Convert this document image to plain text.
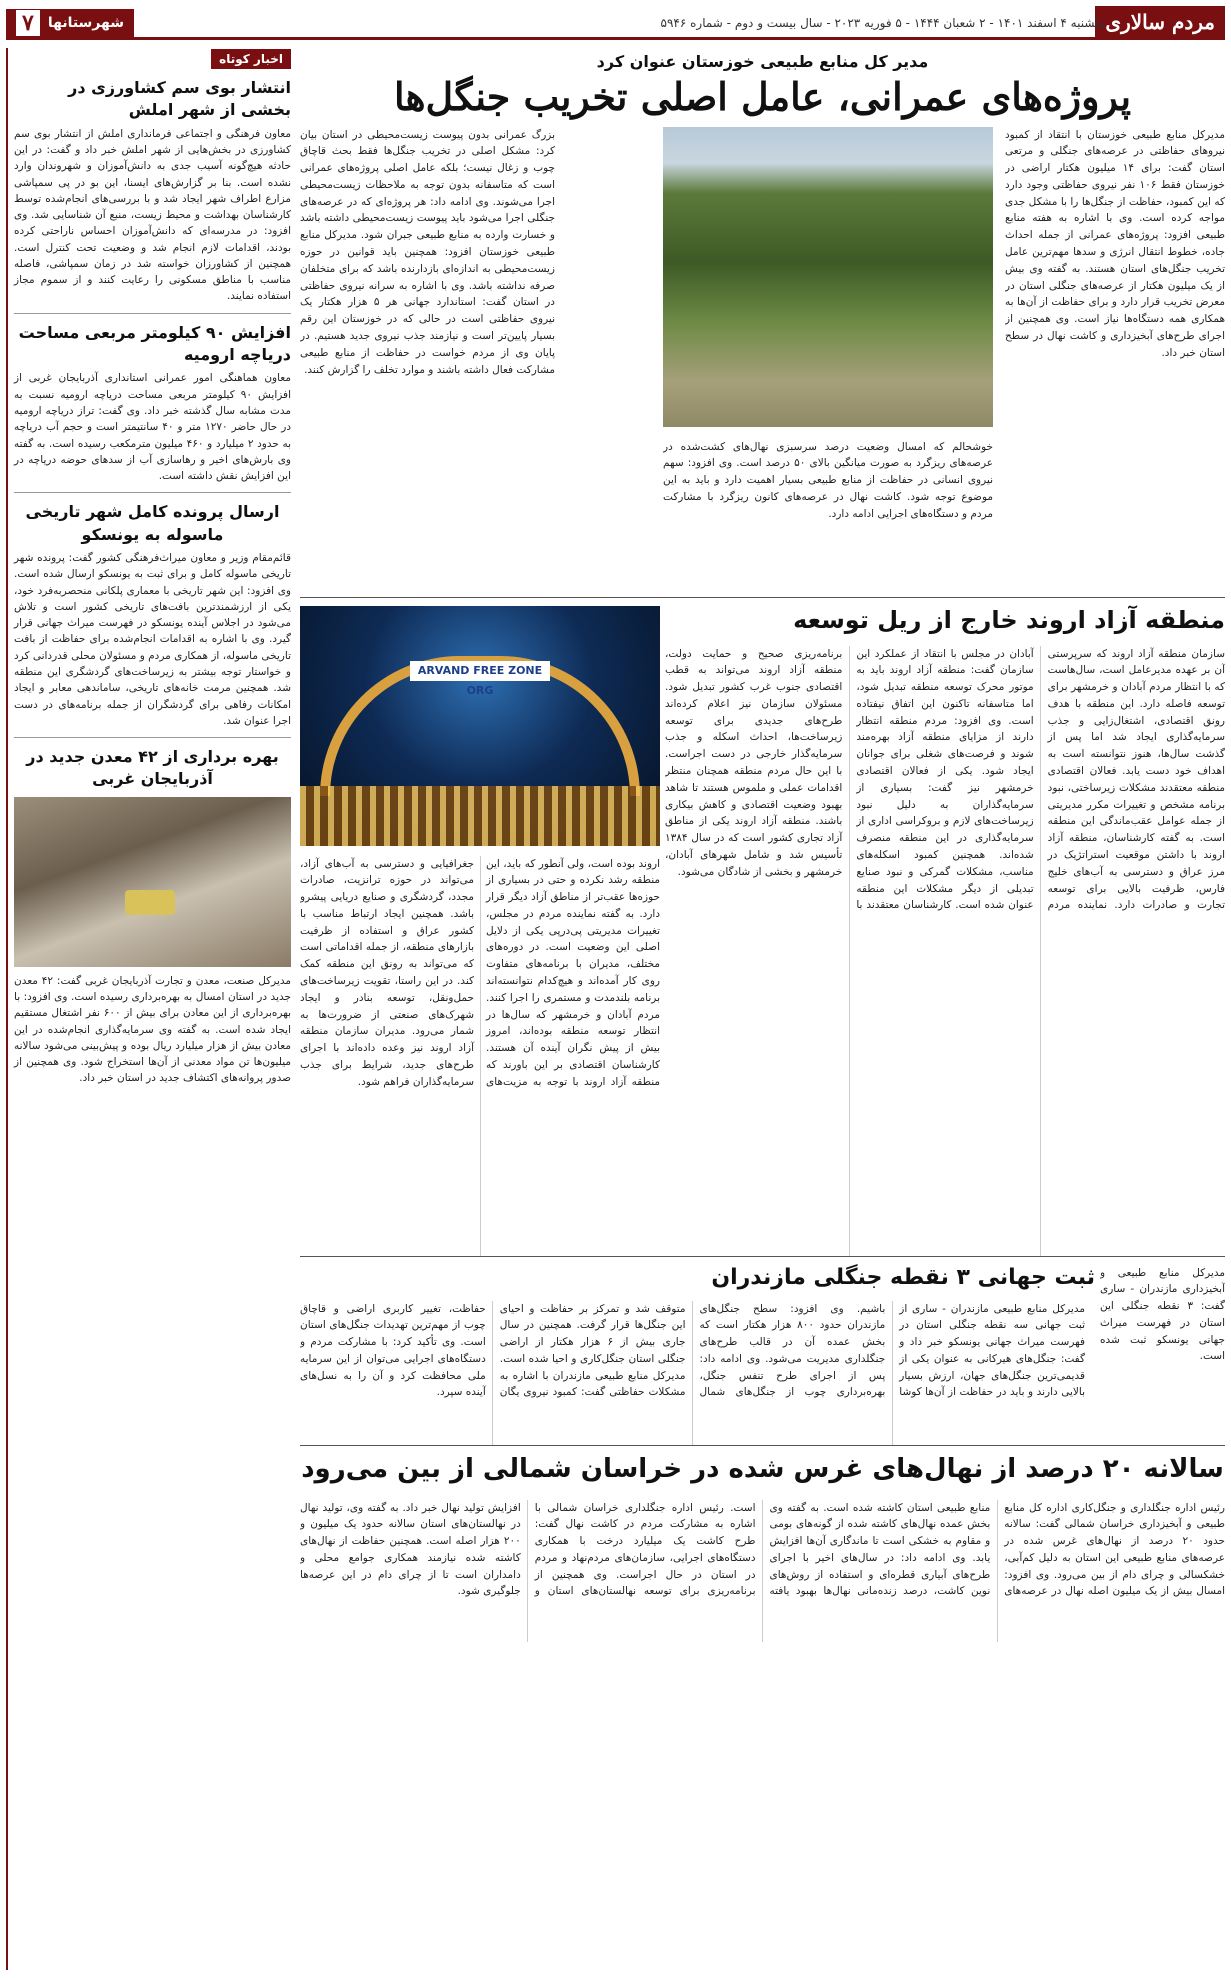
مردم سالاری
یکشنبه ۴ اسفند ۱۴۰۱ - ۲ شعبان ۱۴۴۴ - ۵ فوریه ۲۰۲۳ - سال بیست و دوم - شماره ۵۹۴۶
شهرستانها
۷
اخبار کوتاه
انتشار بوی سم کشاورزی در بخشی از شهر املش

معاون فرهنگی و اجتماعی فرمانداری املش از انتشار بوی سم کشاورزی در بخش‌هایی از شهر املش خبر داد و گفت: در این حادثه هیچ‌گونه آسیب جدی به دانش‌آموزان و شهروندان وارد نشده است. بنا بر گزارش‌های ایسنا، این بو در پی سمپاشی مزارع اطراف شهر ایجاد شد و با بررسی‌های انجام‌شده توسط کارشناسان بهداشت و محیط زیست، منبع آن شناسایی شد. وی افزود: در مدرسه‌ای که دانش‌آموزان احساس ناراحتی کرده بودند، اقدامات لازم انجام شد و وضعیت تحت کنترل است. همچنین از کشاورزان خواسته شد در زمان سمپاشی، فاصله مناسب با مناطق مسکونی را رعایت کنند و از سموم مجاز استفاده نمایند.

افزایش ۹۰ کیلومتر مربعی مساحت دریاچه ارومیه

معاون هماهنگی امور عمرانی استانداری آذربایجان غربی از افزایش ۹۰ کیلومتر مربعی مساحت دریاچه ارومیه نسبت به مدت مشابه سال گذشته خبر داد. وی گفت: تراز دریاچه ارومیه در حال حاضر ۱۲۷۰ متر و ۴۰ سانتیمتر است و حجم آب دریاچه به حدود ۲ میلیارد و ۴۶۰ میلیون مترمکعب رسیده است. به گفته وی بارش‌های اخیر و رهاسازی آب از سدهای حوضه دریاچه در این افزایش نقش داشته است.

ارسال پرونده کامل شهر تاریخی ماسوله به یونسکو

قائم‌مقام وزیر و معاون میراث‌فرهنگی کشور گفت: پرونده شهر تاریخی ماسوله کامل و برای ثبت به یونسکو ارسال شده است. وی افزود: این شهر تاریخی با معماری پلکانی منحصربه‌فرد خود، یکی از ارزشمندترین بافت‌های تاریخی کشور است و تلاش می‌شود در اجلاس آینده یونسکو در فهرست میراث جهانی قرار گیرد. وی با اشاره به اقدامات انجام‌شده برای حفاظت از بافت تاریخی ماسوله، از همکاری مردم و مسئولان محلی قدردانی کرد و خواستار توجه بیشتر به زیرساخت‌های گردشگری این منطقه شد. همچنین مرمت خانه‌های تاریخی، ساماندهی معابر و ایجاد امکانات رفاهی برای گردشگران از جمله برنامه‌های در دست اجرا عنوان شد.

بهره برداری از ۴۲ معدن جدید در آذربایجان غربی

مدیرکل صنعت، معدن و تجارت آذربایجان غربی گفت: ۴۲ معدن جدید در استان امسال به بهره‌برداری رسیده است. وی افزود: با بهره‌برداری از این معادن برای بیش از ۶۰۰ نفر اشتغال مستقیم ایجاد شده است. به گفته وی سرمایه‌گذاری انجام‌شده در این معادن بیش از هزار میلیارد ریال بوده و پیش‌بینی می‌شود سالانه میلیون‌ها تن مواد معدنی از آن‌ها استخراج شود. وی همچنین از صدور پروانه‌های اکتشاف جدید در استان خبر داد.

مدیر کل منابع طبیعی خوزستان عنوان کرد
پروژه‌های عمرانی، عامل اصلی تخریب جنگل‌ها

مدیرکل منابع طبیعی خوزستان با انتقاد از کمبود نیروهای حفاظتی در عرصه‌های جنگلی و مرتعی استان گفت: برای ۱۴ میلیون هکتار اراضی در خوزستان فقط ۱۰۶ نفر نیروی حفاظتی وجود دارد که این کمبود، حفاظت از جنگل‌ها را با مشکل جدی مواجه کرده است. وی با اشاره به هفته منابع طبیعی افزود: پروژه‌های عمرانی از جمله احداث جاده، خطوط انتقال انرژی و سدها مهم‌ترین عامل تخریب جنگل‌های استان هستند. به گفته وی بیش از یک میلیون هکتار از عرصه‌های جنگلی استان در معرض تخریب قرار دارد و برای حفاظت از آن‌ها به همکاری همه دستگاه‌ها نیاز است. وی همچنین از اجرای طرح‌های آبخیزداری و کاشت نهال در سطح استان خبر داد.

خوشحالم که امسال وضعیت درصد سرسبزی نهال‌های کشت‌شده در عرصه‌های ریزگرد به صورت میانگین بالای ۵۰ درصد است. وی افزود: سهم نیروی انسانی در حفاظت از منابع طبیعی بسیار اهمیت دارد و باید به این موضوع توجه شود. کاشت نهال در عرصه‌های کانون ریزگرد با مشارکت مردم و دستگاه‌های اجرایی ادامه دارد.

بزرگ عمرانی بدون پیوست زیست‌محیطی در استان بیان کرد: مشکل اصلی در تخریب جنگل‌ها فقط بحث قاچاق چوب و زغال نیست؛ بلکه عامل اصلی پروژه‌های عمرانی است که متاسفانه بدون توجه به ملاحظات زیست‌محیطی اجرا می‌شوند. وی ادامه داد: هر پروژه‌ای که در عرصه‌های جنگلی اجرا می‌شود باید پیوست زیست‌محیطی داشته باشد و خسارت وارده به منابع طبیعی جبران شود. مدیرکل منابع طبیعی خوزستان افزود: همچنین باید قوانین در حوزه زیست‌محیطی به اندازه‌ای بازدارنده باشد که برای متخلفان صرفه نداشته باشد. وی با اشاره به سرانه نیروی حفاظتی در استان گفت: استاندارد جهانی هر ۵ هزار هکتار یک نیروی حفاظتی است در حالی که در خوزستان این رقم بسیار پایین‌تر است و نیازمند جذب نیروی جدید هستیم. در پایان وی از مردم خواست در حفاظت از منابع طبیعی مشارکت فعال داشته باشند و موارد تخلف را گزارش کنند.

منطقه آزاد اروند خارج از ریل توسعه
ARVAND FREE ZONE ORG

سازمان منطقه آزاد اروند که سرپرستی آن بر عهده مدیرعامل است، سال‌هاست که با انتظار مردم آبادان و خرمشهر برای توسعه فاصله دارد. این منطقه با هدف رونق اقتصادی، اشتغال‌زایی و جذب سرمایه‌گذاری ایجاد شد اما پس از گذشت سال‌ها، هنوز نتوانسته است به اهداف خود دست یابد. فعالان اقتصادی منطقه معتقدند مشکلات زیرساختی، نبود برنامه مشخص و تغییرات مکرر مدیریتی از جمله عوامل عقب‌ماندگی این منطقه است. به گفته کارشناسان، منطقه آزاد اروند با داشتن موقعیت استراتژیک در مرز عراق و دسترسی به آب‌های خلیج فارس، ظرفیت بالایی برای توسعه تجارت و صادرات دارد. نماینده مردم آبادان در مجلس با انتقاد از عملکرد این سازمان گفت: منطقه آزاد اروند باید به موتور محرک توسعه منطقه تبدیل شود، اما متاسفانه تاکنون این اتفاق نیفتاده است. وی افزود: مردم منطقه انتظار دارند از مزایای منطقه آزاد بهره‌مند شوند و فرصت‌های شغلی برای جوانان ایجاد شود. یکی از فعالان اقتصادی خرمشهر نیز گفت: بسیاری از سرمایه‌گذاران به دلیل نبود زیرساخت‌های لازم و بروکراسی اداری از سرمایه‌گذاری در این منطقه منصرف شده‌اند. همچنین کمبود اسکله‌های مناسب، مشکلات گمرکی و نبود صنایع تبدیلی از دیگر مشکلات این منطقه عنوان شده است. کارشناسان معتقدند با برنامه‌ریزی صحیح و حمایت دولت، منطقه آزاد اروند می‌تواند به قطب اقتصادی جنوب غرب کشور تبدیل شود. مسئولان سازمان نیز اعلام کرده‌اند طرح‌های جدیدی برای توسعه زیرساخت‌ها، احداث اسکله و جذب سرمایه‌گذار خارجی در دست اجراست. با این حال مردم منطقه همچنان منتظر اقدامات عملی و ملموس هستند تا شاهد بهبود وضعیت اقتصادی و کاهش بیکاری باشند. منطقه آزاد اروند یکی از مناطق آزاد تجاری کشور است که در سال ۱۳۸۴ تأسیس شد و شامل شهرهای آبادان، خرمشهر و بخشی از شادگان می‌شود.

اروند بوده است، ولی آنطور که باید، این منطقه رشد نکرده و حتی در بسیاری از حوزه‌ها عقب‌تر از مناطق آزاد دیگر قرار دارد. به گفته نماینده مردم در مجلس، تغییرات مدیریتی پی‌درپی یکی از دلایل اصلی این وضعیت است. در دوره‌های مختلف، مدیران با برنامه‌های متفاوت روی کار آمده‌اند و هیچ‌کدام نتوانسته‌اند برنامه بلندمدت و مستمری را اجرا کنند. مردم آبادان و خرمشهر که سال‌ها در انتظار توسعه منطقه بوده‌اند، امروز بیش از پیش نگران آینده آن هستند. کارشناسان اقتصادی بر این باورند که منطقه آزاد اروند با توجه به مزیت‌های جغرافیایی و دسترسی به آب‌های آزاد، می‌تواند در حوزه ترانزیت، صادرات مجدد، گردشگری و صنایع دریایی پیشرو باشد. همچنین ایجاد ارتباط مناسب با کشور عراق و استفاده از ظرفیت بازارهای منطقه، از جمله اقداماتی است که می‌تواند به رونق این منطقه کمک کند. در این راستا، تقویت زیرساخت‌های حمل‌ونقل، توسعه بنادر و ایجاد شهرک‌های صنعتی از ضرورت‌ها به شمار می‌رود. مدیران سازمان منطقه آزاد اروند نیز وعده داده‌اند با اجرای طرح‌های جدید، شرایط برای جذب سرمایه‌گذاران فراهم شود.

مدیرکل منابع طبیعی و آبخیزداری مازندران - ساری گفت: ۳ نقطه جنگلی این استان در فهرست میراث جهانی یونسکو ثبت شده است.

ثبت جهانی ۳ نقطه جنگلی مازندران

مدیرکل منابع طبیعی مازندران - ساری از ثبت جهانی سه نقطه جنگلی استان در فهرست میراث جهانی یونسکو خبر داد و گفت: جنگل‌های هیرکانی به عنوان یکی از قدیمی‌ترین جنگل‌های جهان، ارزش بسیار بالایی دارند و باید در حفاظت از آن‌ها کوشا باشیم. وی افزود: سطح جنگل‌های مازندران حدود ۸۰۰ هزار هکتار است که بخش عمده آن در قالب طرح‌های جنگلداری مدیریت می‌شود. وی ادامه داد: پس از اجرای طرح تنفس جنگل، بهره‌برداری چوب از جنگل‌های شمال متوقف شد و تمرکز بر حفاظت و احیای این جنگل‌ها قرار گرفت. همچنین در سال جاری بیش از ۶ هزار هکتار از اراضی جنگلی استان جنگل‌کاری و احیا شده است. مدیرکل منابع طبیعی مازندران با اشاره به مشکلات حفاظتی گفت: کمبود نیروی یگان حفاظت، تغییر کاربری اراضی و قاچاق چوب از مهم‌ترین تهدیدات جنگل‌های استان است. وی تأکید کرد: با مشارکت مردم و دستگاه‌های اجرایی می‌توان از این سرمایه ملی محافظت کرد و آن را به نسل‌های آینده سپرد.

سالانه ۲۰ درصد از نهال‌های غرس شده در خراسان شمالی از بین می‌رود

رئیس اداره جنگلداری و جنگل‌کاری اداره کل منابع طبیعی و آبخیزداری خراسان شمالی گفت: سالانه حدود ۲۰ درصد از نهال‌های غرس شده در عرصه‌های منابع طبیعی این استان به دلیل کم‌آبی، خشکسالی و چرای دام از بین می‌رود. وی افزود: امسال بیش از یک میلیون اصله نهال در عرصه‌های منابع طبیعی استان کاشته شده است. به گفته وی بخش عمده نهال‌های کاشته شده از گونه‌های بومی و مقاوم به خشکی است تا ماندگاری آن‌ها افزایش یابد. وی ادامه داد: در سال‌های اخیر با اجرای طرح‌های آبیاری قطره‌ای و استفاده از روش‌های نوین کاشت، درصد زنده‌مانی نهال‌ها بهبود یافته است. رئیس اداره جنگلداری خراسان شمالی با اشاره به مشارکت مردم در کاشت نهال گفت: طرح کاشت یک میلیارد درخت با همکاری دستگاه‌های اجرایی، سازمان‌های مردم‌نهاد و مردم در استان در حال اجراست. وی همچنین از برنامه‌ریزی برای توسعه نهالستان‌های استان و افزایش تولید نهال خبر داد. به گفته وی، تولید نهال در نهالستان‌های استان سالانه حدود یک میلیون و ۲۰۰ هزار اصله است. همچنین حفاظت از نهال‌های کاشته شده نیازمند همکاری جوامع محلی و دامداران است تا از چرای دام در این عرصه‌ها جلوگیری شود.
